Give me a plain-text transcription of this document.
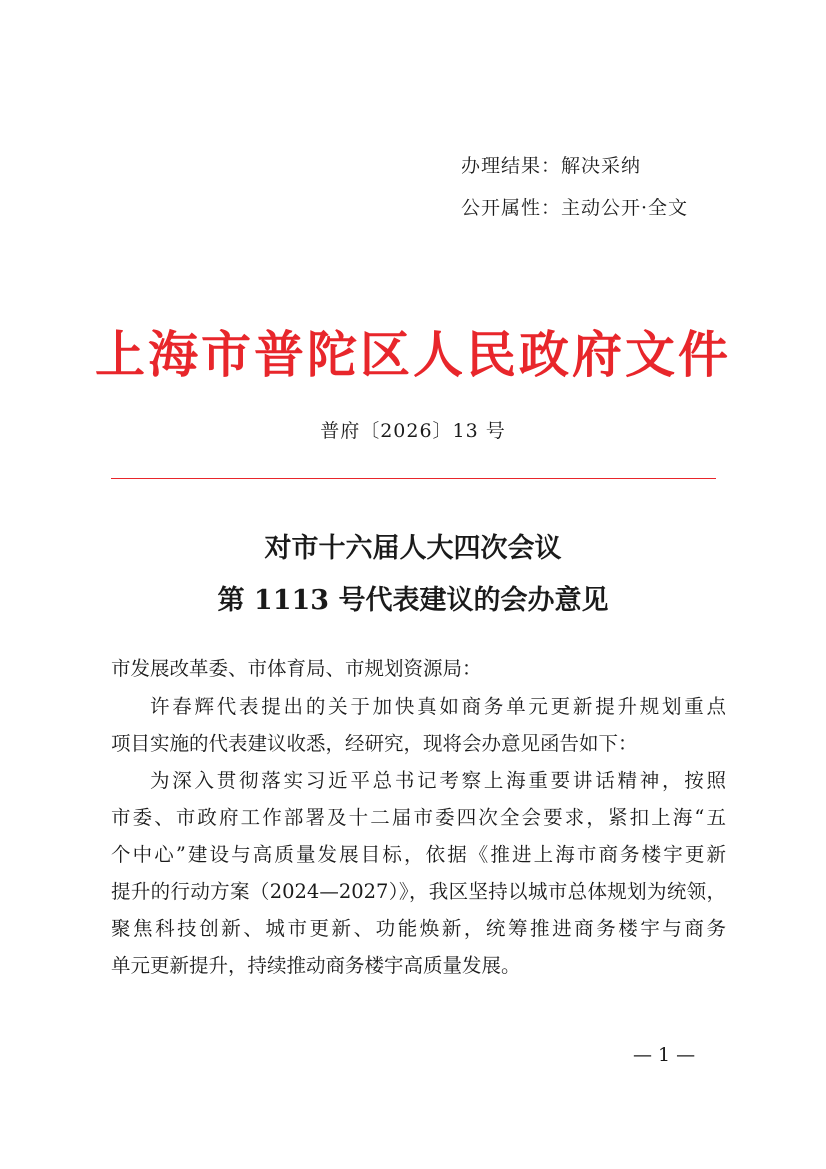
办理结果：解决采纳
公开属性：主动公开·全文
上海市普陀区人民政府文件
普府〔2026〕13 号
对市十六届人大四次会议
第 1113 号代表建议的会办意见
市发展改革委、市体育局、市规划资源局：
许春辉代表提出的关于加快真如商务单元更新提升规划重点
项目实施的代表建议收悉，经研究，现将会办意见函告如下：
为深入贯彻落实习近平总书记考察上海重要讲话精神，按照
市委、市政府工作部署及十二届市委四次全会要求，紧扣上海“五
个中心”建设与高质量发展目标，依据《推进上海市商务楼宇更新
提升的行动方案（2024—2027）》，我区坚持以城市总体规划为统领，
聚焦科技创新、城市更新、功能焕新，统筹推进商务楼宇与商务
单元更新提升，持续推动商务楼宇高质量发展。
— 1 —
